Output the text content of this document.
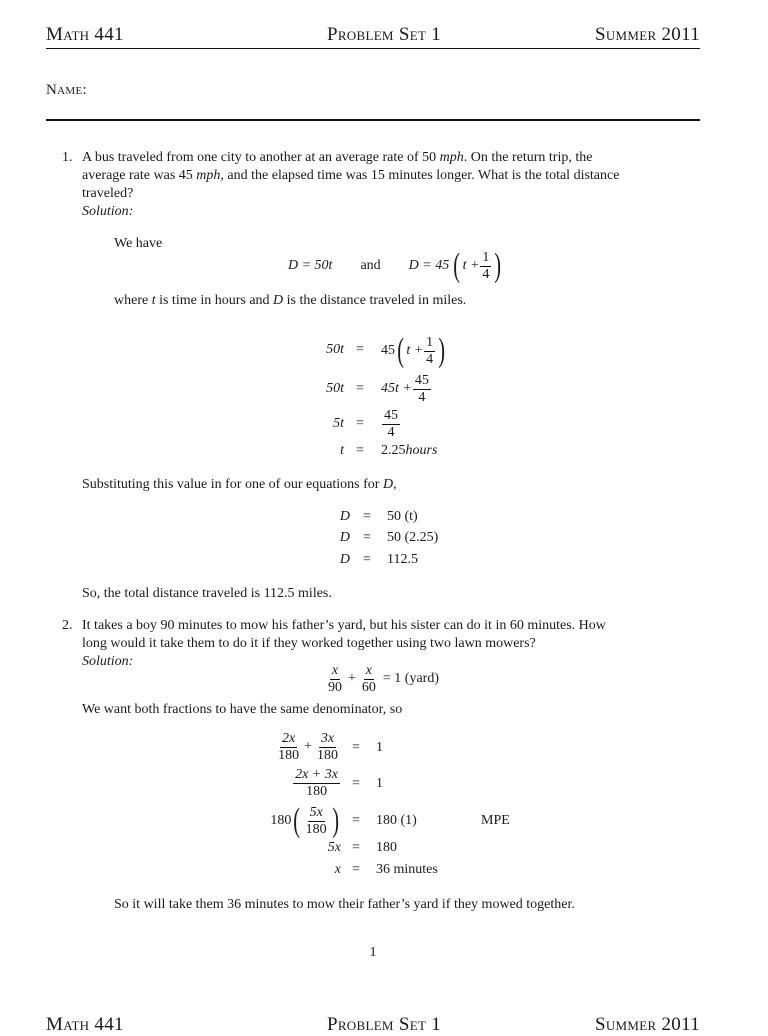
Math 441	Problem Set 1	Summer 2011
Name:
1. A bus traveled from one city to another at an average rate of 50 mph. On the return trip, the
average rate was 45 mph, and the elapsed time was 15 minutes longer. What is the total distance
traveled?
Solution:
We have
D = 50t and D = 45 ( $t + \frac{1}{4}$ )
where t is time in hours and D is the distance traveled in miles.
50t =	45 ( $t + \frac{1}{4}$ )
50t =	$45t + \frac{45}{4}$
5t =	$\frac{45}{4}$
t =	2.25hours
Substituting this value in for one of our equations for D,
D =	50 (t)
D =	50 (2.25)
D =	112.5
So, the total distance traveled is 112.5 miles.
2. It takes a boy 90 minutes to mow his father’s yard, but his sister can do it in 60 minutes. How
long would it take them to do it if they worked together using two lawn mowers?
Solution:
$\frac{x}{90} + \frac{x}{60} = 1$ (yard)
We want both fractions to have the same denominator, so
$\frac{2x}{180} + \frac{3x}{180}$ =	1
$\frac{2x + 3x}{180}$ =	1
180 ( $\frac{5x}{180}$ ) =	180 (1)	MPE
5x =	180
x =	36 minutes
So it will take them 36 minutes to mow their father’s yard if they mowed together.
1
Math 441	Problem Set 1	Summer 2011
